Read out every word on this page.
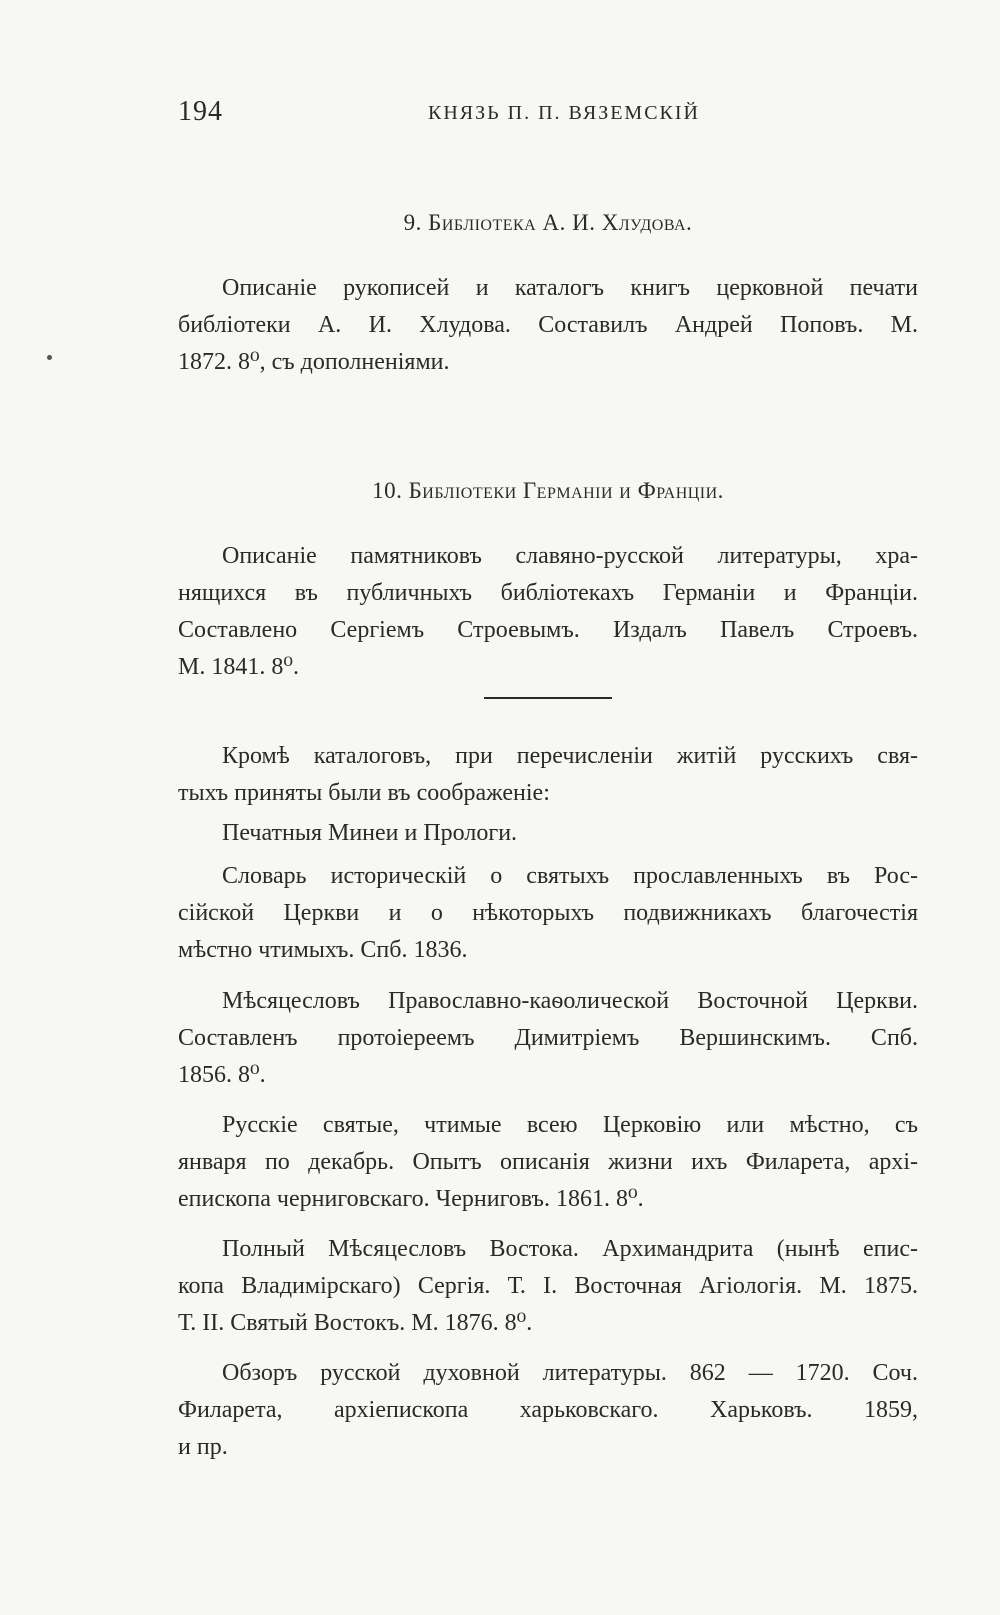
194	КНЯЗЬ П. П. ВЯЗЕМСКІЙ
9. Библіотека А. И. Хлудова.
Описаніе рукописей и каталогъ книгъ церковной печати
библіотеки А. И. Хлудова. Составилъ Андрей Поповъ. М.
1872. 8⁰, съ дополненіями.
10. Библіотеки Германіи и Франціи.
Описаніе памятниковъ славяно-русской литературы, хра-
нящихся въ публичныхъ библіотекахъ Германіи и Франціи.
Составлено Сергіемъ Строевымъ. Издалъ Павелъ Строевъ.
М. 1841. 8⁰.
Кромѣ каталоговъ, при перечисленіи житій русскихъ свя-
тыхъ приняты были въ соображеніе:
Печатныя Минеи и Прологи.
Словарь историческій о святыхъ прославленныхъ въ Рос-
сійской Церкви и о нѣкоторыхъ подвижникахъ благочестія
мѣстно чтимыхъ. Спб. 1836.
Мѣсяцесловъ Православно-каѳолической Восточной Церкви.
Составленъ протоіереемъ Димитріемъ Вершинскимъ. Спб.
1856. 8⁰.
Русскіе святые, чтимые всею Церковію или мѣстно, съ
января по декабрь. Опытъ описанія жизни ихъ Филарета, архі-
епископа черниговскаго. Черниговъ. 1861. 8⁰.
Полный Мѣсяцесловъ Востока. Архимандрита (нынѣ епис-
копа Владимірскаго) Сергія. Т. I. Восточная Агіологія. М. 1875.
Т. II. Святый Востокъ. М. 1876. 8⁰.
Обзоръ русской духовной литературы. 862 — 1720. Соч.
Филарета, архіепископа харьковскаго. Харьковъ. 1859,
и пр.
